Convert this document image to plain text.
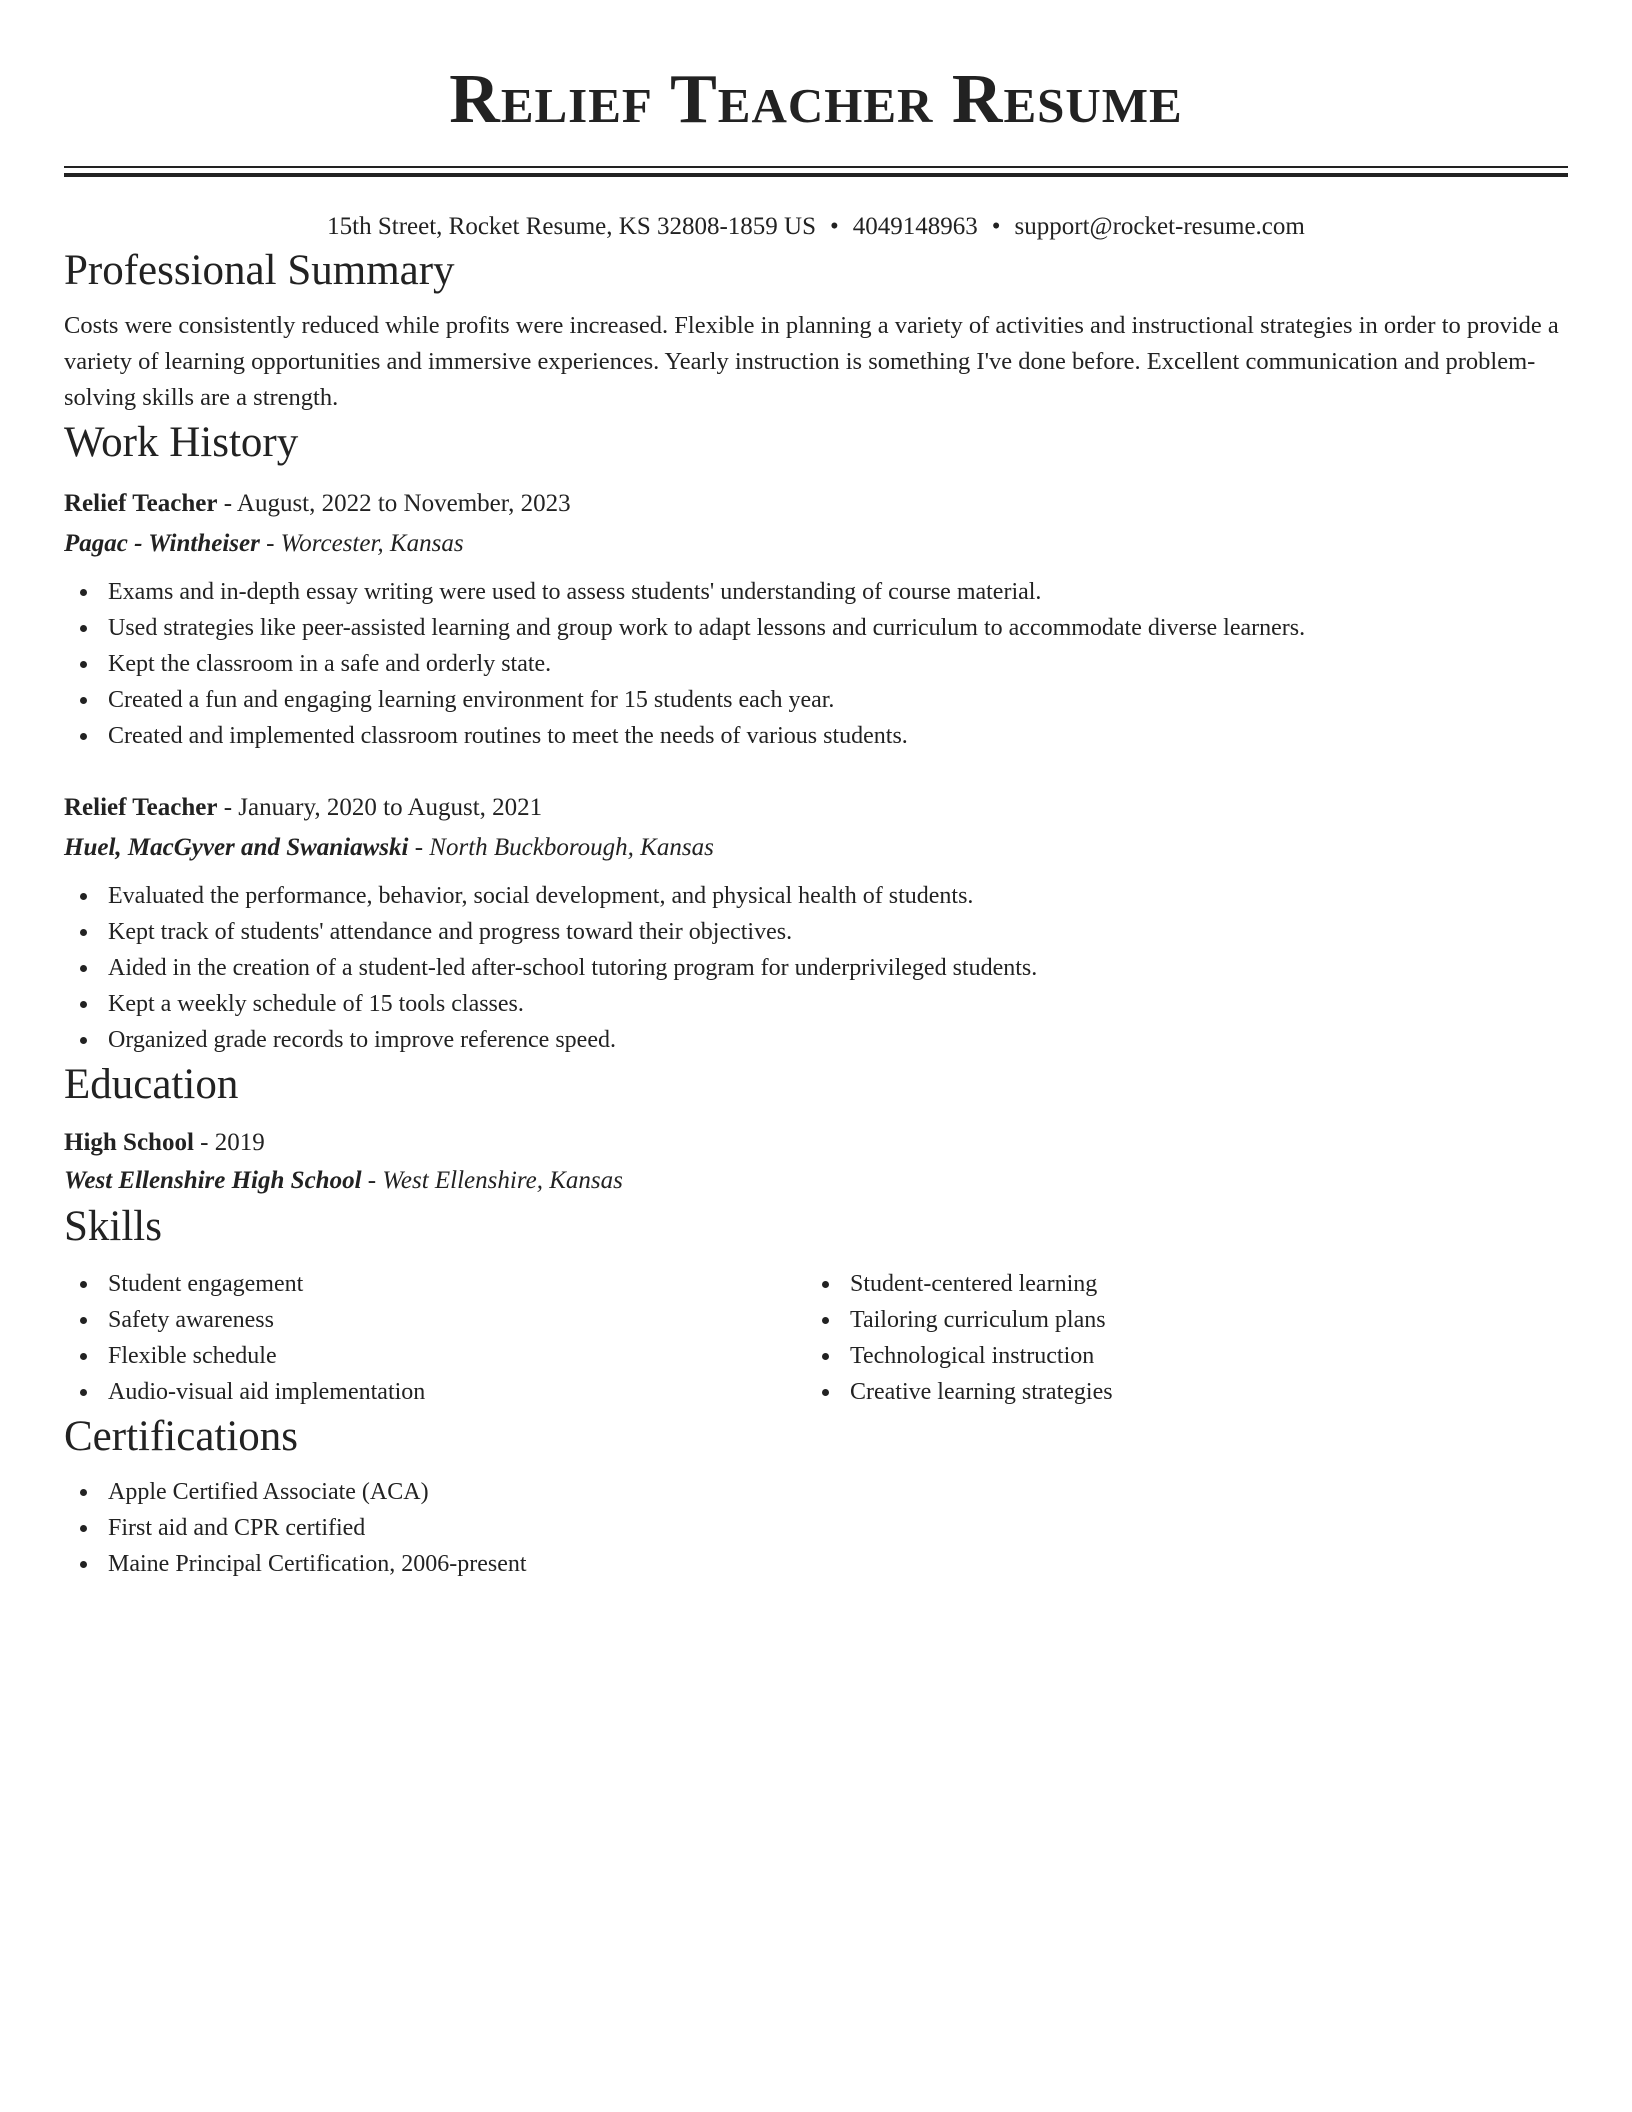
Relief Teacher Resume
15th Street, Rocket Resume, KS 32808-1859 US • 4049148963 • support@rocket-resume.com
Professional Summary

Costs were consistently reduced while profits were increased. Flexible in planning a variety of activities and instructional strategies in order to provide a variety of learning opportunities and immersive experiences. Yearly instruction is something I've done before. Excellent communication and problem-solving skills are a strength.

Work History
Relief Teacher - August, 2022 to November, 2023
Pagac - Wintheiser - Worcester, Kansas
Exams and in-depth essay writing were used to assess students' understanding of course material.
Used strategies like peer-assisted learning and group work to adapt lessons and curriculum to accommodate diverse learners.
Kept the classroom in a safe and orderly state.
Created a fun and engaging learning environment for 15 students each year.
Created and implemented classroom routines to meet the needs of various students.
Relief Teacher - January, 2020 to August, 2021
Huel, MacGyver and Swaniawski - North Buckborough, Kansas
Evaluated the performance, behavior, social development, and physical health of students.
Kept track of students' attendance and progress toward their objectives.
Aided in the creation of a student-led after-school tutoring program for underprivileged students.
Kept a weekly schedule of 15 tools classes.
Organized grade records to improve reference speed.
Education
High School - 2019
West Ellenshire High School - West Ellenshire, Kansas
Skills
Student engagement
Safety awareness
Flexible schedule
Audio-visual aid implementation
Student-centered learning
Tailoring curriculum plans
Technological instruction
Creative learning strategies
Certifications
Apple Certified Associate (ACA)
First aid and CPR certified
Maine Principal Certification, 2006-present
